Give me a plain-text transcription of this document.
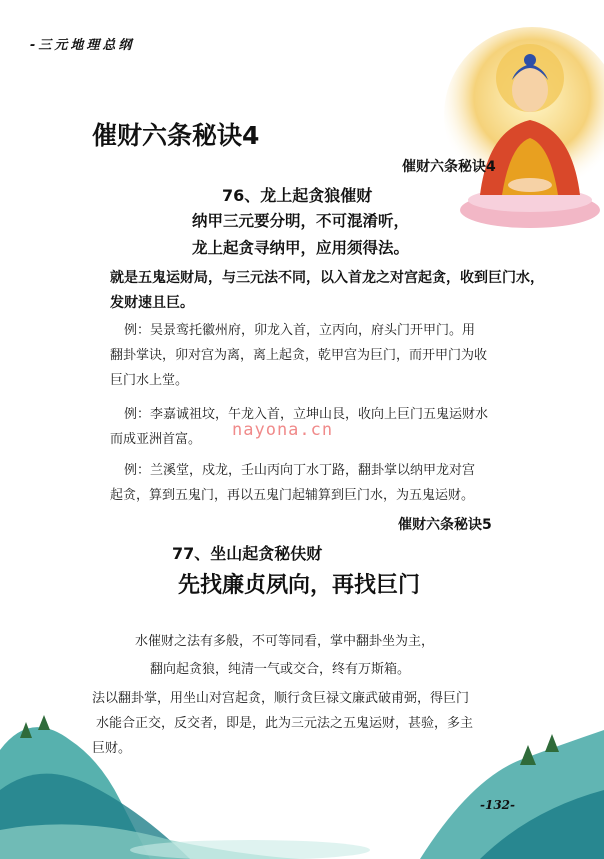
-三元地理总纲
催财六条秘诀4
催财六条秘诀4
76、龙上起贪狼催财
纳甲三元要分明，不可混淆听，
龙上起贪寻纳甲，应用须得法。
就是五鬼运财局，与三元法不同，以入首龙之对宫起贪，收到巨门水，发财速且巨。
例：吴景鸾托徽州府，卯龙入首，立丙向，府头门开甲门。用
翻卦掌诀，卯对宫为离，离上起贪，乾甲宫为巨门，而开甲门为收
巨门水上堂。
例：李嘉诚祖坟，午龙入首，立坤山艮，收向上巨门五鬼运财水
而成亚洲首富。
例：兰溪堂，戍龙，壬山丙向丁水丁路，翻卦掌以纳甲龙对宫
起贪，算到五鬼门，再以五鬼门起辅算到巨门水，为五鬼运财。
催财六条秘诀5
77、坐山起贪秘伕财
先找廉贞夙向，再找巨门
水催财之法有多般，不可等同看，掌中翻卦坐为主，
翻向起贪狼，纯清一气或交合，终有万斯箱。
法以翻卦掌，用坐山对宫起贪，顺行贪巨禄文廉武破甫弼，得巨门
水能合正交，反交者，即是，此为三元法之五鬼运财，甚验，多主
巨财。
nayona.cn
-132-
